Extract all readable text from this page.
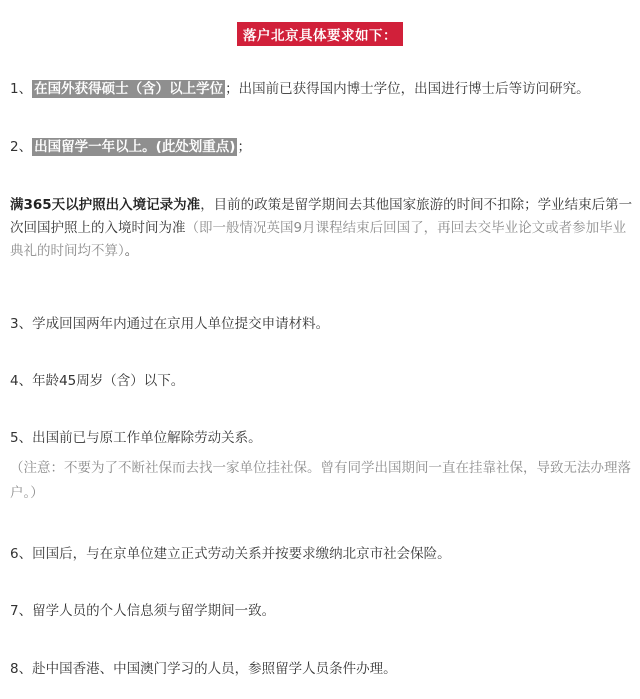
落户北京具体要求如下：
1、 在国外获得硕士（含）以上学位 ；出国前已获得国内博士学位，出国进行博士后等访问研究。
2、 出国留学一年以上。(此处划重点) ；
满365天以护照出入境记录为准，目前的政策是留学期间去其他国家旅游的时间不扣除；学业结束后第一次回国护照上的入境时间为准（即一般情况英国9月课程结束后回国了，再回去交毕业论文或者参加毕业典礼的时间均不算）。
3、学成回国两年内通过在京用人单位提交申请材料。
4、年龄45周岁（含）以下。
5、出国前已与原工作单位解除劳动关系。
（注意：不要为了不断社保而去找一家单位挂社保。曾有同学出国期间一直在挂靠社保，导致无法办理落户。）
6、回国后，与在京单位建立正式劳动关系并按要求缴纳北京市社会保险。
7、留学人员的个人信息须与留学期间一致。
8、赴中国香港、中国澳门学习的人员，参照留学人员条件办理。
